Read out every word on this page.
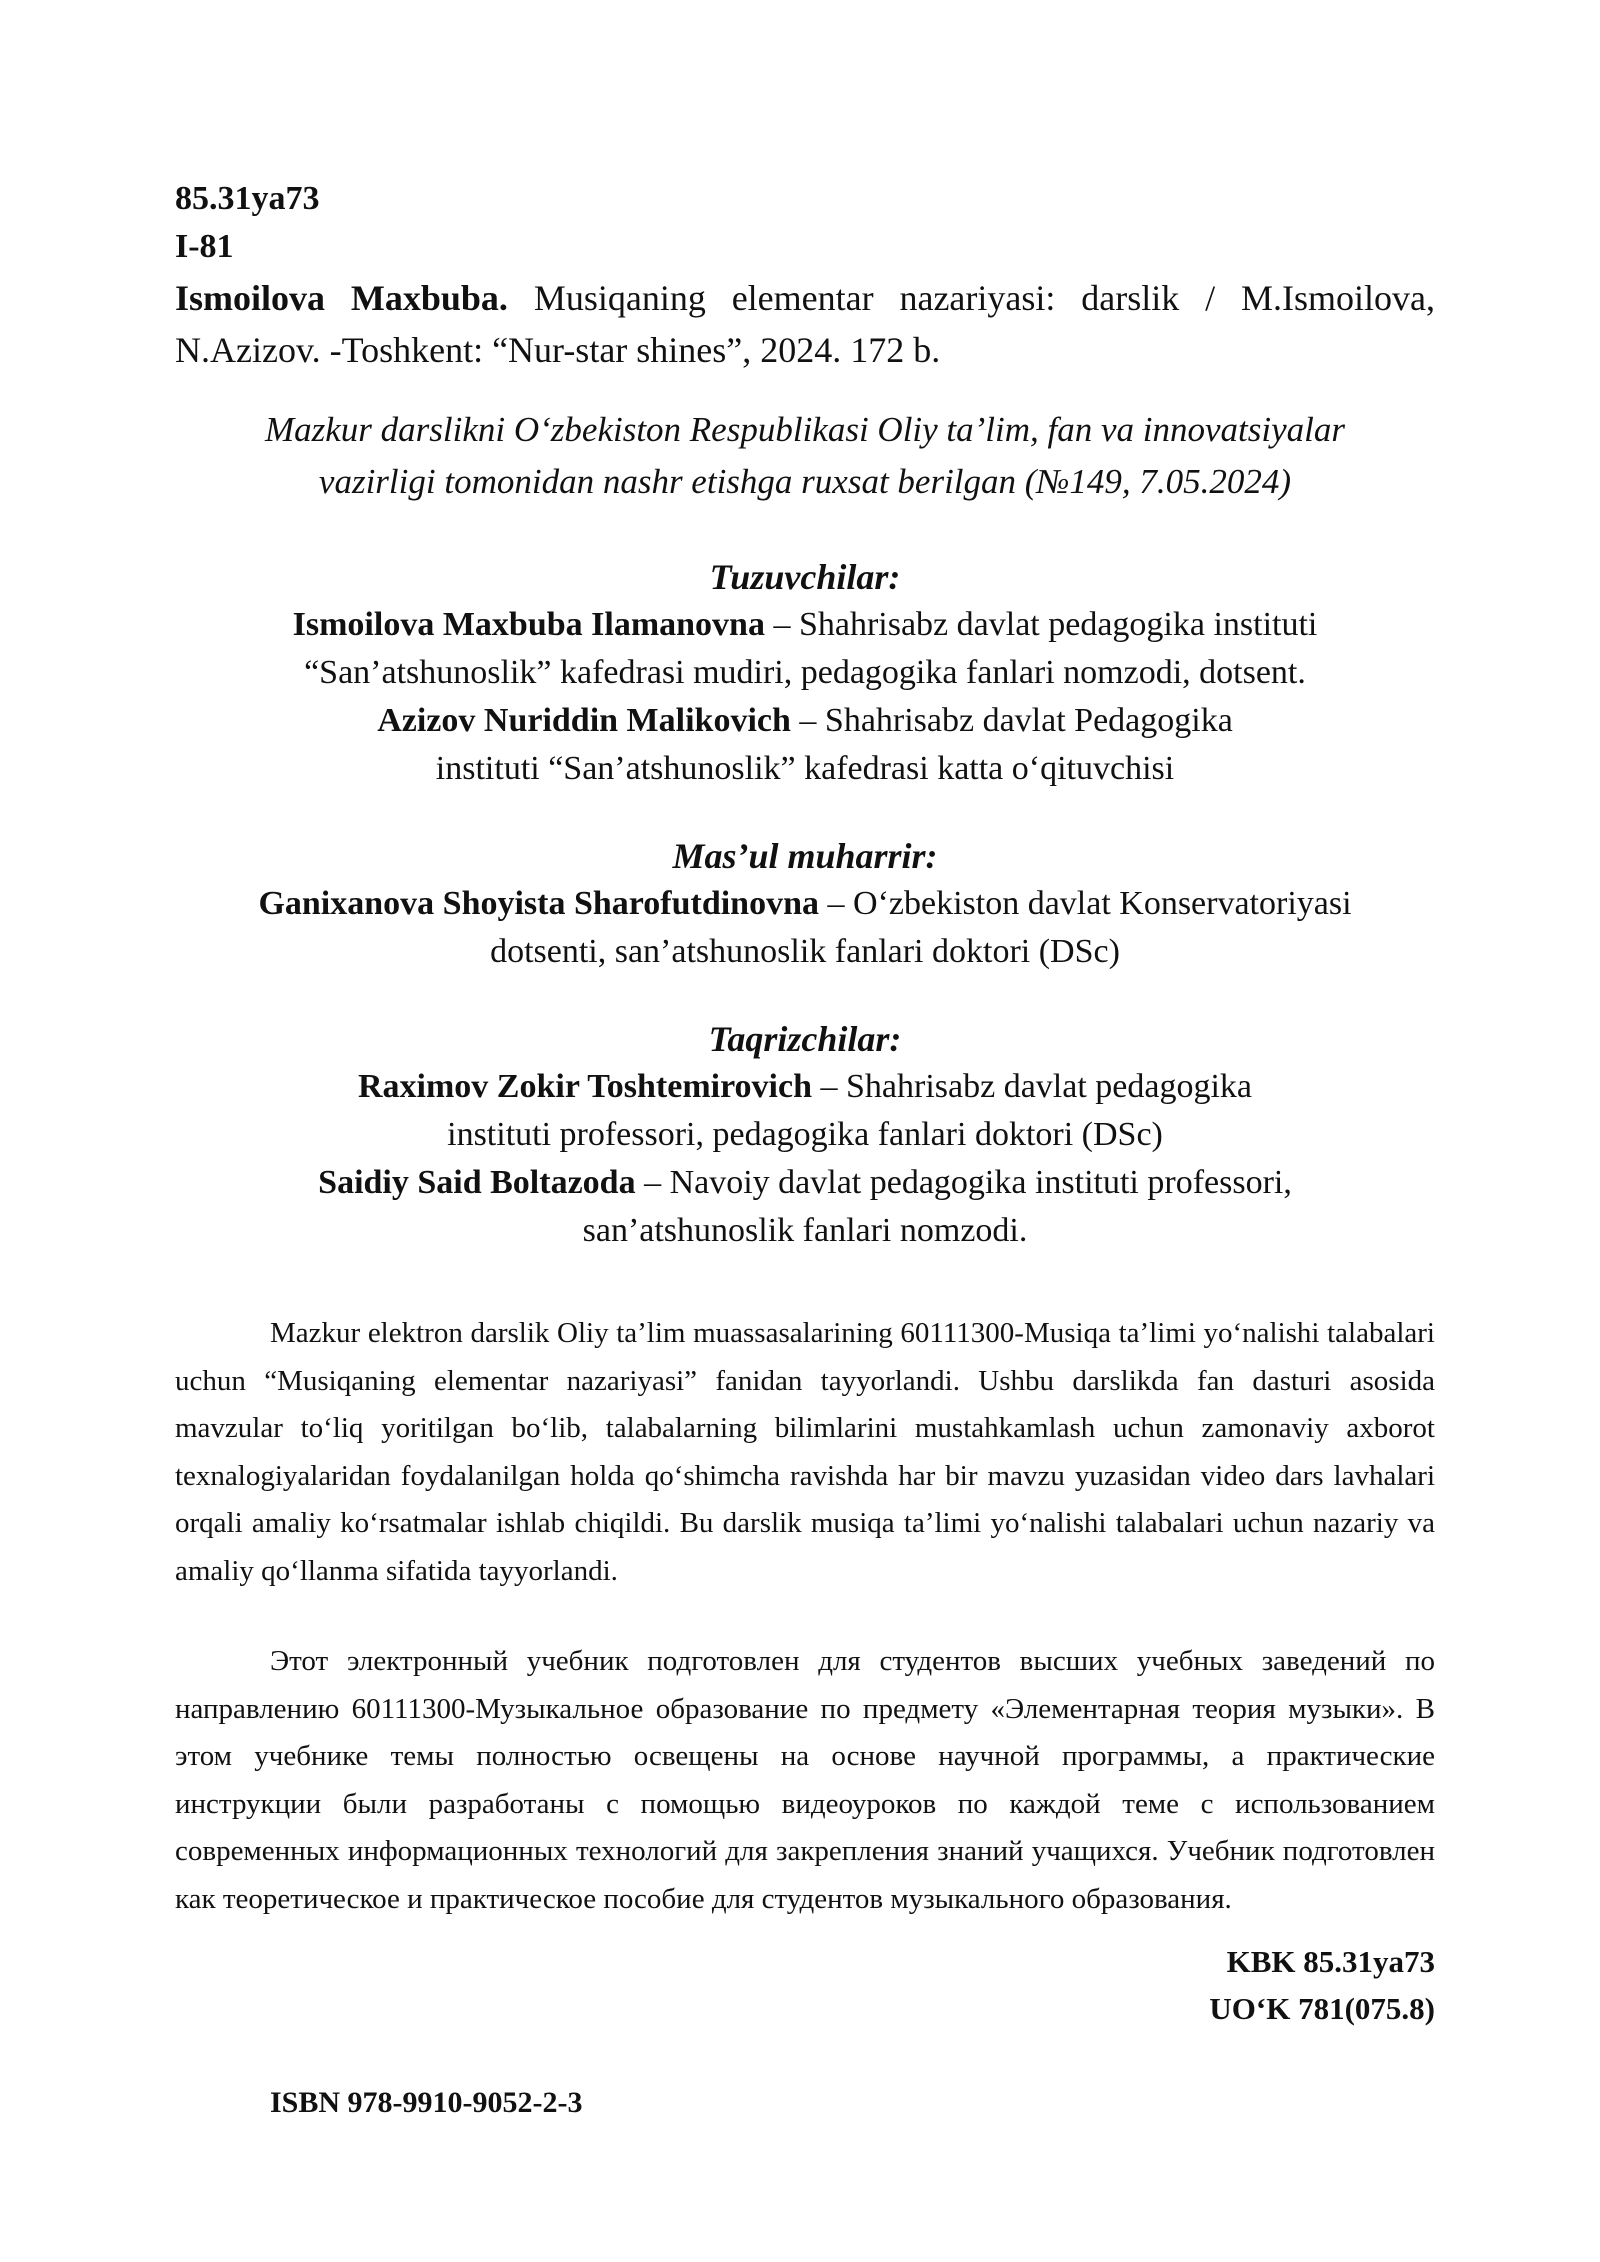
85.31ya73
I-81
Ismoilova Maxbuba. Musiqaning elementar nazariyasi: darslik / M.Ismoilova, N.Azizov. -Toshkent: “Nur-star shines”, 2024. 172 b.
Mazkur darslikni O‘zbekiston Respublikasi Oliy ta’lim, fan va innovatsiyalar
vazirligi tomonidan nashr etishga ruxsat berilgan (№149, 7.05.2024)
Tuzuvchilar:
Ismoilova Maxbuba Ilamanovna – Shahrisabz davlat pedagogika instituti
“San’atshunoslik” kafedrasi mudiri, pedagogika fanlari nomzodi, dotsent.
Azizov Nuriddin Malikovich – Shahrisabz davlat Pedagogika
instituti “San’atshunoslik” kafedrasi katta o‘qituvchisi
Mas’ul muharrir:
Ganixanova Shoyista Sharofutdinovna – O‘zbekiston davlat Konservatoriyasi
dotsenti, san’atshunoslik fanlari doktori (DSc)
Taqrizchilar:
Raximov Zokir Toshtemirovich – Shahrisabz davlat pedagogika
instituti professori, pedagogika fanlari doktori (DSc)
Saidiy Said Boltazoda – Navoiy davlat pedagogika instituti professori,
san’atshunoslik fanlari nomzodi.

Mazkur elektron darslik Oliy ta’lim muassasalarining 60111300-Musiqa ta’limi yo‘nalishi talabalari uchun “Musiqaning elementar nazariyasi” fanidan tayyorlandi. Ushbu darslikda fan dasturi asosida mavzular to‘liq yoritilgan bo‘lib, talabalarning bilimlarini mustahkamlash uchun zamonaviy axborot texnalogiyalaridan foydalanilgan holda qo‘shimcha ravishda har bir mavzu yuzasidan video dars lavhalari orqali amaliy ko‘rsatmalar ishlab chiqildi. Bu darslik musiqa ta’limi yo‘nalishi talabalari uchun nazariy va amaliy qo‘llanma sifatida tayyorlandi.

Этот электронный учебник подготовлен для студентов высших учебных заведений по направлению 60111300-Музыкальное образование по предмету «Элементарная теория музыки». В этом учебнике темы полностью освещены на основе научной программы, а практические инструкции были разработаны с помощью видеоуроков по каждой теме с использованием современных информационных технологий для закрепления знаний учащихся. Учебник подготовлен как теоретическое и практическое пособие для студентов музыкального образования.

KBK 85.31ya73
UO‘K 781(075.8)
ISBN 978-9910-9052-2-3
